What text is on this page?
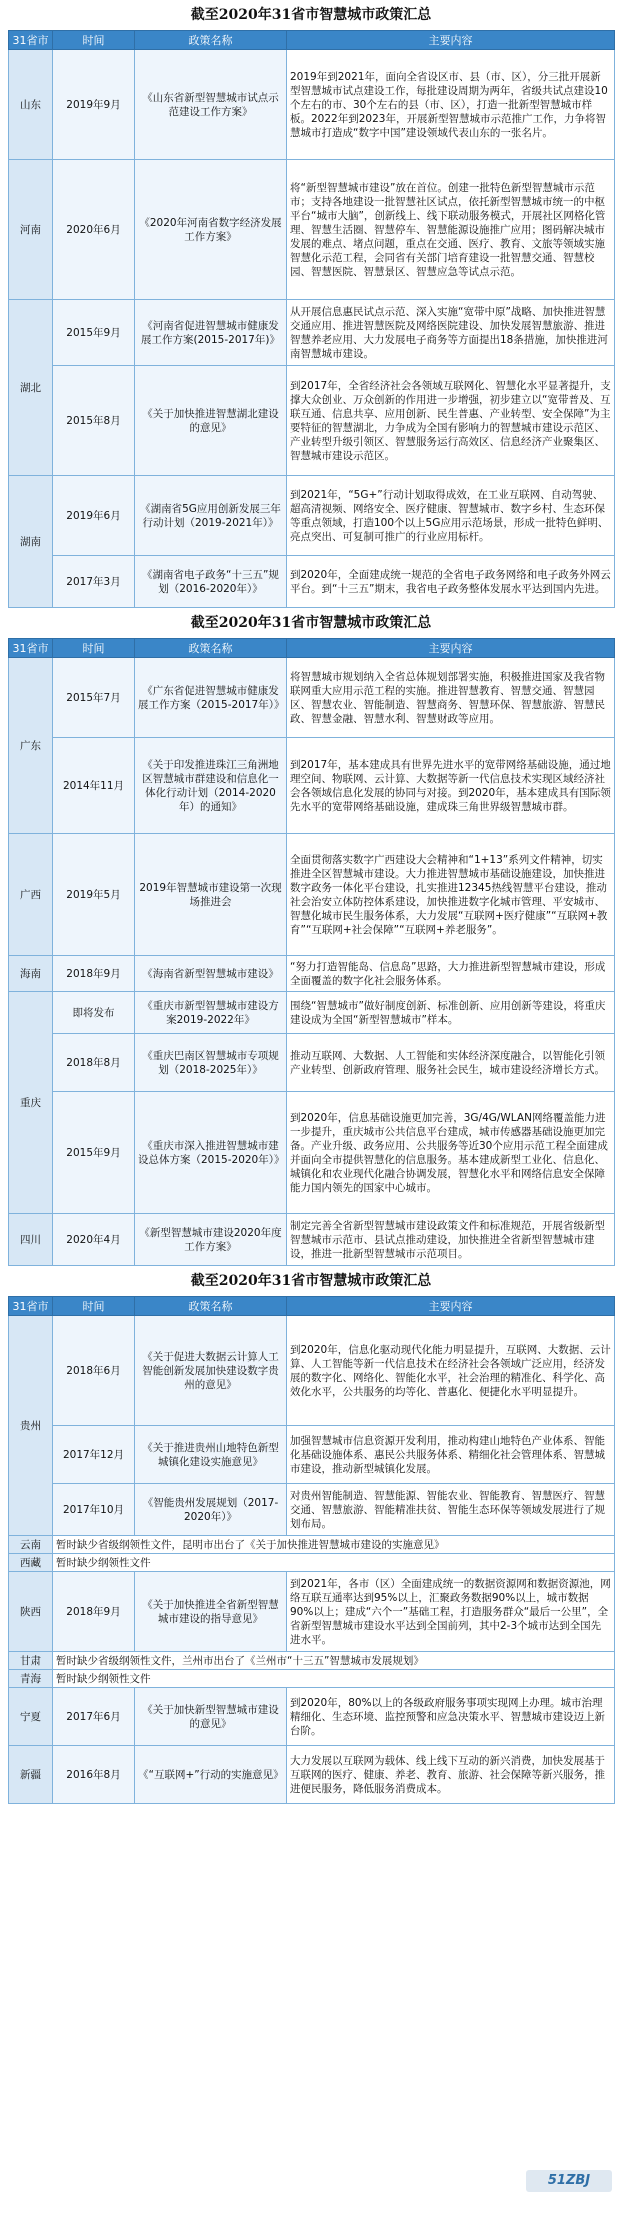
截至2020年31省市智慧城市政策汇总
31省市	时间	政策名称	主要内容
山东	2019年9月	《山东省新型智慧城市试点示范建设工作方案》	2019年到2021年，面向全省设区市、县（市、区），分三批开展新型智慧城市试点建设工作，每批建设周期为两年，省级共试点建设10个左右的市、30个左右的县（市、区），打造一批新型智慧城市样板。2022年到2023年，开展新型智慧城市示范推广工作，力争将智慧城市打造成“数字中国”建设领域代表山东的一张名片。
河南	2020年6月	《2020年河南省数字经济发展工作方案》	将“新型智慧城市建设”放在首位。创建一批特色新型智慧城市示范市；支持各地建设一批智慧社区试点，依托新型智慧城市统一的中枢平台“城市大脑”，创新线上、线下联动服务模式，开展社区网格化管理、智慧生活圈、智慧停车、智慧能源设施推广应用；图码解决城市发展的难点、堵点问题，重点在交通、医疗、教育、文旅等领域实施智慧化示范工程，会同省有关部门培育建设一批智慧交通、智慧校园、智慧医院、智慧景区、智慧应急等试点示范。
湖北	2015年9月	《河南省促进智慧城市健康发展工作方案(2015-2017年)》	从开展信息惠民试点示范、深入实施“宽带中原”战略、加快推进智慧交通应用、推进智慧医院及网络医院建设、加快发展智慧旅游、推进智慧养老应用、大力发展电子商务等方面提出18条措施，加快推进河南智慧城市建设。
	2015年8月	《关于加快推进智慧湖北建设的意见》	到2017年，全省经济社会各领域互联网化、智慧化水平显著提升，支撑大众创业、万众创新的作用进一步增强，初步建立以“宽带普及、互联互通、信息共享、应用创新、民生普惠、产业转型、安全保障”为主要特征的智慧湖北，力争成为全国有影响力的智慧城市建设示范区、产业转型升级引领区、智慧服务运行高效区、信息经济产业聚集区、智慧城市建设示范区。
湖南	2019年6月	《湖南省5G应用创新发展三年行动计划（2019-2021年）》	到2021年，“5G+”行动计划取得成效，在工业互联网、自动驾驶、超高清视频、网络安全、医疗健康、智慧城市、数字乡村、生态环保等重点领域，打造100个以上5G应用示范场景，形成一批特色鲜明、亮点突出、可复制可推广的行业应用标杆。
	2017年3月	《湖南省电子政务“十三五”规划（2016-2020年）》	到2020年，全面建成统一规范的全省电子政务网络和电子政务外网云平台。到“十三五”期末，我省电子政务整体发展水平达到国内先进。
截至2020年31省市智慧城市政策汇总
31省市	时间	政策名称	主要内容
广东	2015年7月	《广东省促进智慧城市健康发展工作方案（2015-2017年）》	将智慧城市规划纳入全省总体规划部署实施，积极推进国家及我省物联网重大应用示范工程的实施。推进智慧教育、智慧交通、智慧园区、智慧农业、智能制造、智慧商务、智慧环保、智慧旅游、智慧民政、智慧金融、智慧水利、智慧财政等应用。
	2014年11月	《关于印发推进珠江三角洲地区智慧城市群建设和信息化一体化行动计划（2014-2020年）的通知》	到2017年，基本建成具有世界先进水平的宽带网络基础设施，通过地理空间、物联网、云计算、大数据等新一代信息技术实现区域经济社会各领域信息化发展的协同与对接。到2020年，基本建成具有国际领先水平的宽带网络基础设施，建成珠三角世界级智慧城市群。
广西	2019年5月	2019年智慧城市建设第一次现场推进会	全面贯彻落实数字广西建设大会精神和“1+13”系列文件精神，切实推进全区智慧城市建设。大力推进智慧城市基础设施建设，加快推进数字政务一体化平台建设，扎实推进12345热线智慧平台建设，推动社会治安立体防控体系建设，加快推进数字化城市管理、平安城市、智慧化城市民生服务体系，大力发展“互联网+医疗健康”“互联网+教育”“互联网+社会保障”“互联网+养老服务”。
海南	2018年9月	《海南省新型智慧城市建设》	“努力打造智能岛、信息岛”思路，大力推进新型智慧城市建设，形成全面覆盖的数字化社会服务体系。
重庆	即将发布	《重庆市新型智慧城市建设方案2019-2022年》	围绕“智慧城市”做好制度创新、标准创新、应用创新等建设，将重庆建设成为全国“新型智慧城市”样本。
	2018年8月	《重庆巴南区智慧城市专项规划（2018-2025年）》	推动互联网、大数据、人工智能和实体经济深度融合，以智能化引领产业转型、创新政府管理、服务社会民生，城市建设经济增长方式。
	2015年9月	《重庆市深入推进智慧城市建设总体方案（2015-2020年）》	到2020年，信息基础设施更加完善，3G/4G/WLAN网络覆盖能力进一步提升，重庆城市公共信息平台建成，城市传感器基础设施更加完备。产业升级、政务应用、公共服务等近30个应用示范工程全面建成并面向全市提供智慧化的信息服务。基本建成新型工业化、信息化、城镇化和农业现代化融合协调发展，智慧化水平和网络信息安全保障能力国内领先的国家中心城市。
四川	2020年4月	《新型智慧城市建设2020年度工作方案》	制定完善全省新型智慧城市建设政策文件和标准规范，开展省级新型智慧城市示范市、县试点推动建设，加快推进全省新型智慧城市建设，推进一批新型智慧城市示范项目。
截至2020年31省市智慧城市政策汇总
31省市	时间	政策名称	主要内容
贵州	2018年6月	《关于促进大数据云计算人工智能创新发展加快建设数字贵州的意见》	到2020年，信息化驱动现代化能力明显提升，互联网、大数据、云计算、人工智能等新一代信息技术在经济社会各领域广泛应用，经济发展的数字化、网络化、智能化水平，社会治理的精准化、科学化、高效化水平，公共服务的均等化、普惠化、便捷化水平明显提升。
	2017年12月	《关于推进贵州山地特色新型城镇化建设实施意见》	加强智慧城市信息资源开发利用，推动构建山地特色产业体系、智能化基础设施体系、惠民公共服务体系、精细化社会管理体系、智慧城市建设，推动新型城镇化发展。
	2017年10月	《智能贵州发展规划（2017-2020年）》	对贵州智能制造、智慧能源、智能农业、智能教育、智慧医疗、智慧交通、智慧旅游、智能精准扶贫、智能生态环保等领域发展进行了规划布局。
云南	暂时缺少省级纲领性文件，昆明市出台了《关于加快推进智慧城市建设的实施意见》		
西藏	暂时缺少纲领性文件		
陕西	2018年9月	《关于加快推进全省新型智慧城市建设的指导意见》	到2021年，各市（区）全面建成统一的数据资源网和数据资源池，网络互联互通率达到95%以上，汇聚政务数据90%以上，城市数据90%以上；建成“六个一”基础工程，打造服务群众“最后一公里”，全省新型智慧城市建设水平达到全国前列，其中2-3个城市达到全国先进水平。
甘肃	暂时缺少省级纲领性文件，兰州市出台了《兰州市“十三五”智慧城市发展规划》		
青海	暂时缺少纲领性文件		
宁夏	2017年6月	《关于加快新型智慧城市建设的意见》	到2020年，80%以上的各级政府服务事项实现网上办理。城市治理精细化、生态环境、监控预警和应急决策水平、智慧城市建设迈上新台阶。
新疆	2016年8月	《“互联网+”行动的实施意见》	大力发展以互联网为载体、线上线下互动的新兴消费，加快发展基于互联网的医疗、健康、养老、教育、旅游、社会保障等新兴服务，推进便民服务，降低服务消费成本。
51ZBJ
